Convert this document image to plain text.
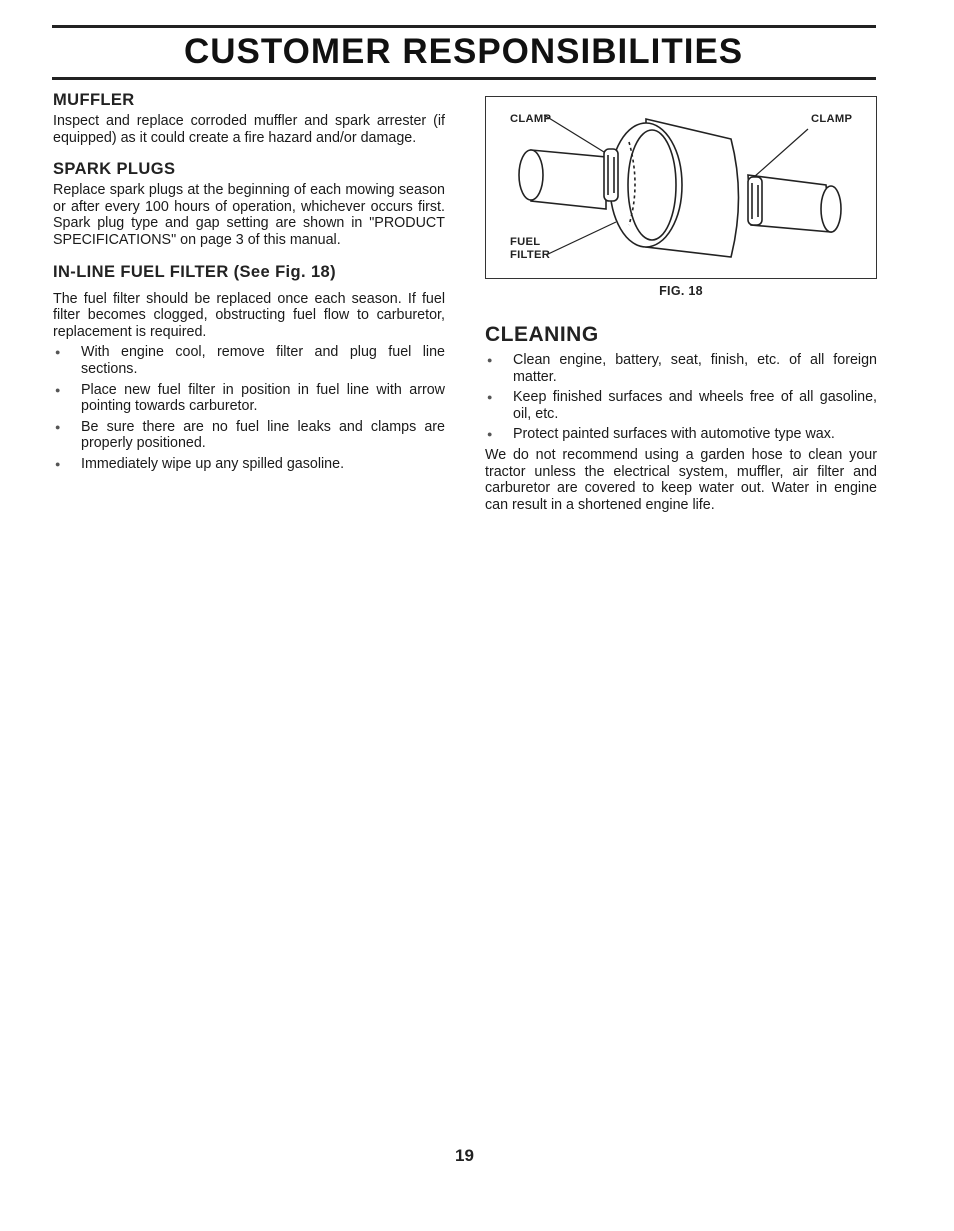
CUSTOMER RESPONSIBILITIES
MUFFLER

Inspect and replace corroded muffler and spark arrester (if equipped) as it could create a fire hazard and/or damage.

SPARK PLUGS

Replace spark plugs at the beginning of each mowing season or after every 100 hours of operation, whichever occurs first. Spark plug type and gap setting are shown in "PRODUCT SPECIFICATIONS" on page 3 of this manual.

IN-LINE FUEL FILTER (See Fig. 18)

The fuel filter should be replaced once each season. If fuel filter becomes clogged, obstructing fuel flow to carburetor, replacement is required.

● With engine cool, remove filter and plug fuel line sections.
● Place new fuel filter in position in fuel line with arrow pointing towards carburetor.
● Be sure there are no fuel line leaks and clamps are properly positioned.
● Immediately wipe up any spilled gasoline.
CLAMP	CLAMP
FUEL
FILTER
FIG. 18
CLEANING
● Clean engine, battery, seat, finish, etc. of all foreign matter.
● Keep finished surfaces and wheels free of all gasoline, oil, etc.
● Protect painted surfaces with automotive type wax.

We do not recommend using a garden hose to clean your tractor unless the electrical system, muffler, air filter and carburetor are covered to keep water out. Water in engine can result in a shortened engine life.

19
